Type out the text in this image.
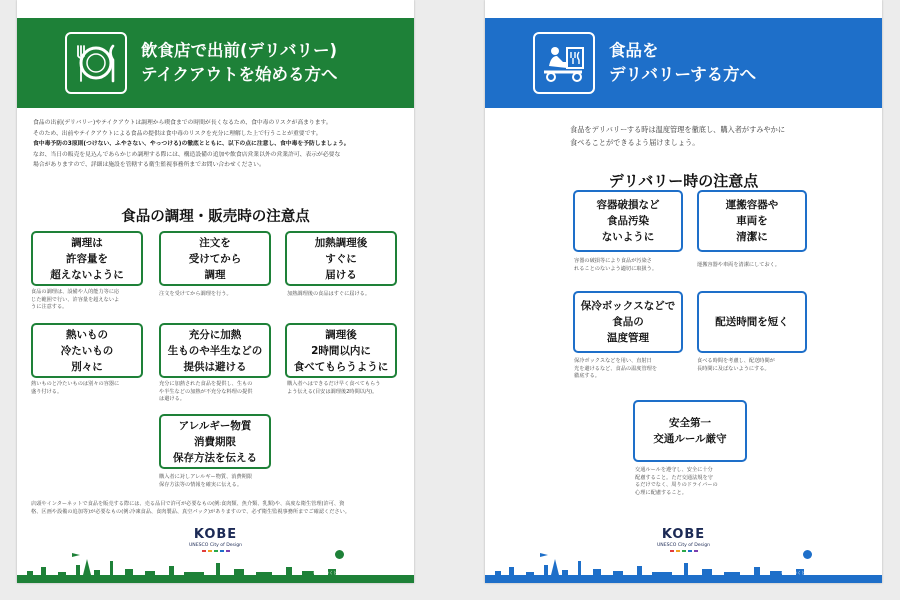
飲食店で出前(デリバリー)
テイクアウトを始める方へ

食品の出前(デリバリー)やテイクアウトは調理から喫食までの時間が長くなるため、食中毒のリスクが高まります。

そのため、出前やテイクアウトによる食品の提供は食中毒のリスクを充分に理解した上で行うことが重要です。

食中毒予防の3原則(つけない、ふやさない、やっつける)の徹底とともに、以下の点に注意し、食中毒を予防しましょう。

なお、当日の販売を見込んであらかじめ調理する際には、構造設備の追加や飲食店営業以外の営業許可、表示が必要な

場合がありますので、詳細は施設を管轄する衛生監視事務所までお問い合わせください。

食品の調理・販売時の注意点
調理は
許容量を
超えないように
食品の調理は、設備や人的能力等に応
じた範囲で行い、許容量を超えないよ
うに注意する。
注文を
受けてから
調理
注文を受けてから調理を行う。
加熱調理後
すぐに
届ける
加熱調理後の食品はすぐに届ける。
熱いもの
冷たいもの
別々に
熱いものと冷たいものは別々の容器に
盛り付ける。
充分に加熱
生ものや半生などの
提供は避ける
充分に加熱された食品を提供し、生もの
や半生などの加熱が不充分な料理の提供
は避ける。
調理後
2時間以内に
食べてもらうように
購入者へはできるだけ早く食べてもらう
よう伝える(目安は調理後2時間以内)。
アレルギー物質
消費期限
保存方法を伝える
購入者に対しアレルギー物質、消費期限
保存方法等の情報を確実に伝える。
店頭やインターネットで食品を販売する際には、売る品目で許可が必要なもの(例:食肉類、魚介類、乳類)や、高度な衛生管理(許可、資
格、区画や設備の追加等)が必要なもの(例:冷凍食品、食肉製品、真空パック)がありますので、必ず衛生監視事務所までご確認ください。
KOBE
UNESCO City of Design
※目につくところに貼ってご利用ください。
食品を
デリバリーする方へ

食品をデリバリーする時は温度管理を徹底し、購入者がすみやかに

食べることができるよう届けましょう。

デリバリー時の注意点
容器破損など
食品汚染
ないように
容器の破損等により食品が汚染さ
れることのないよう適切に取扱う。
運搬容器や
車両を
清潔に
運搬容器や車両を清潔にしておく。
保冷ボックスなどで
食品の
温度管理
保冷ボックスなどを用い、直射日
光を避けるなど、食品の温度管理を
徹底する。
配送時間を短く
食べる時間を考慮し、配送時間が
長時間に及ばないようにする。
安全第一
交通ルール厳守
交通ルールを遵守し、安全に十分
配慮すること。ただ交通法規を守
るだけでなく、周りのドライバーの
心理に配慮すること。
KOBE
UNESCO City of Design
※目につくところに貼ってご利用ください。
